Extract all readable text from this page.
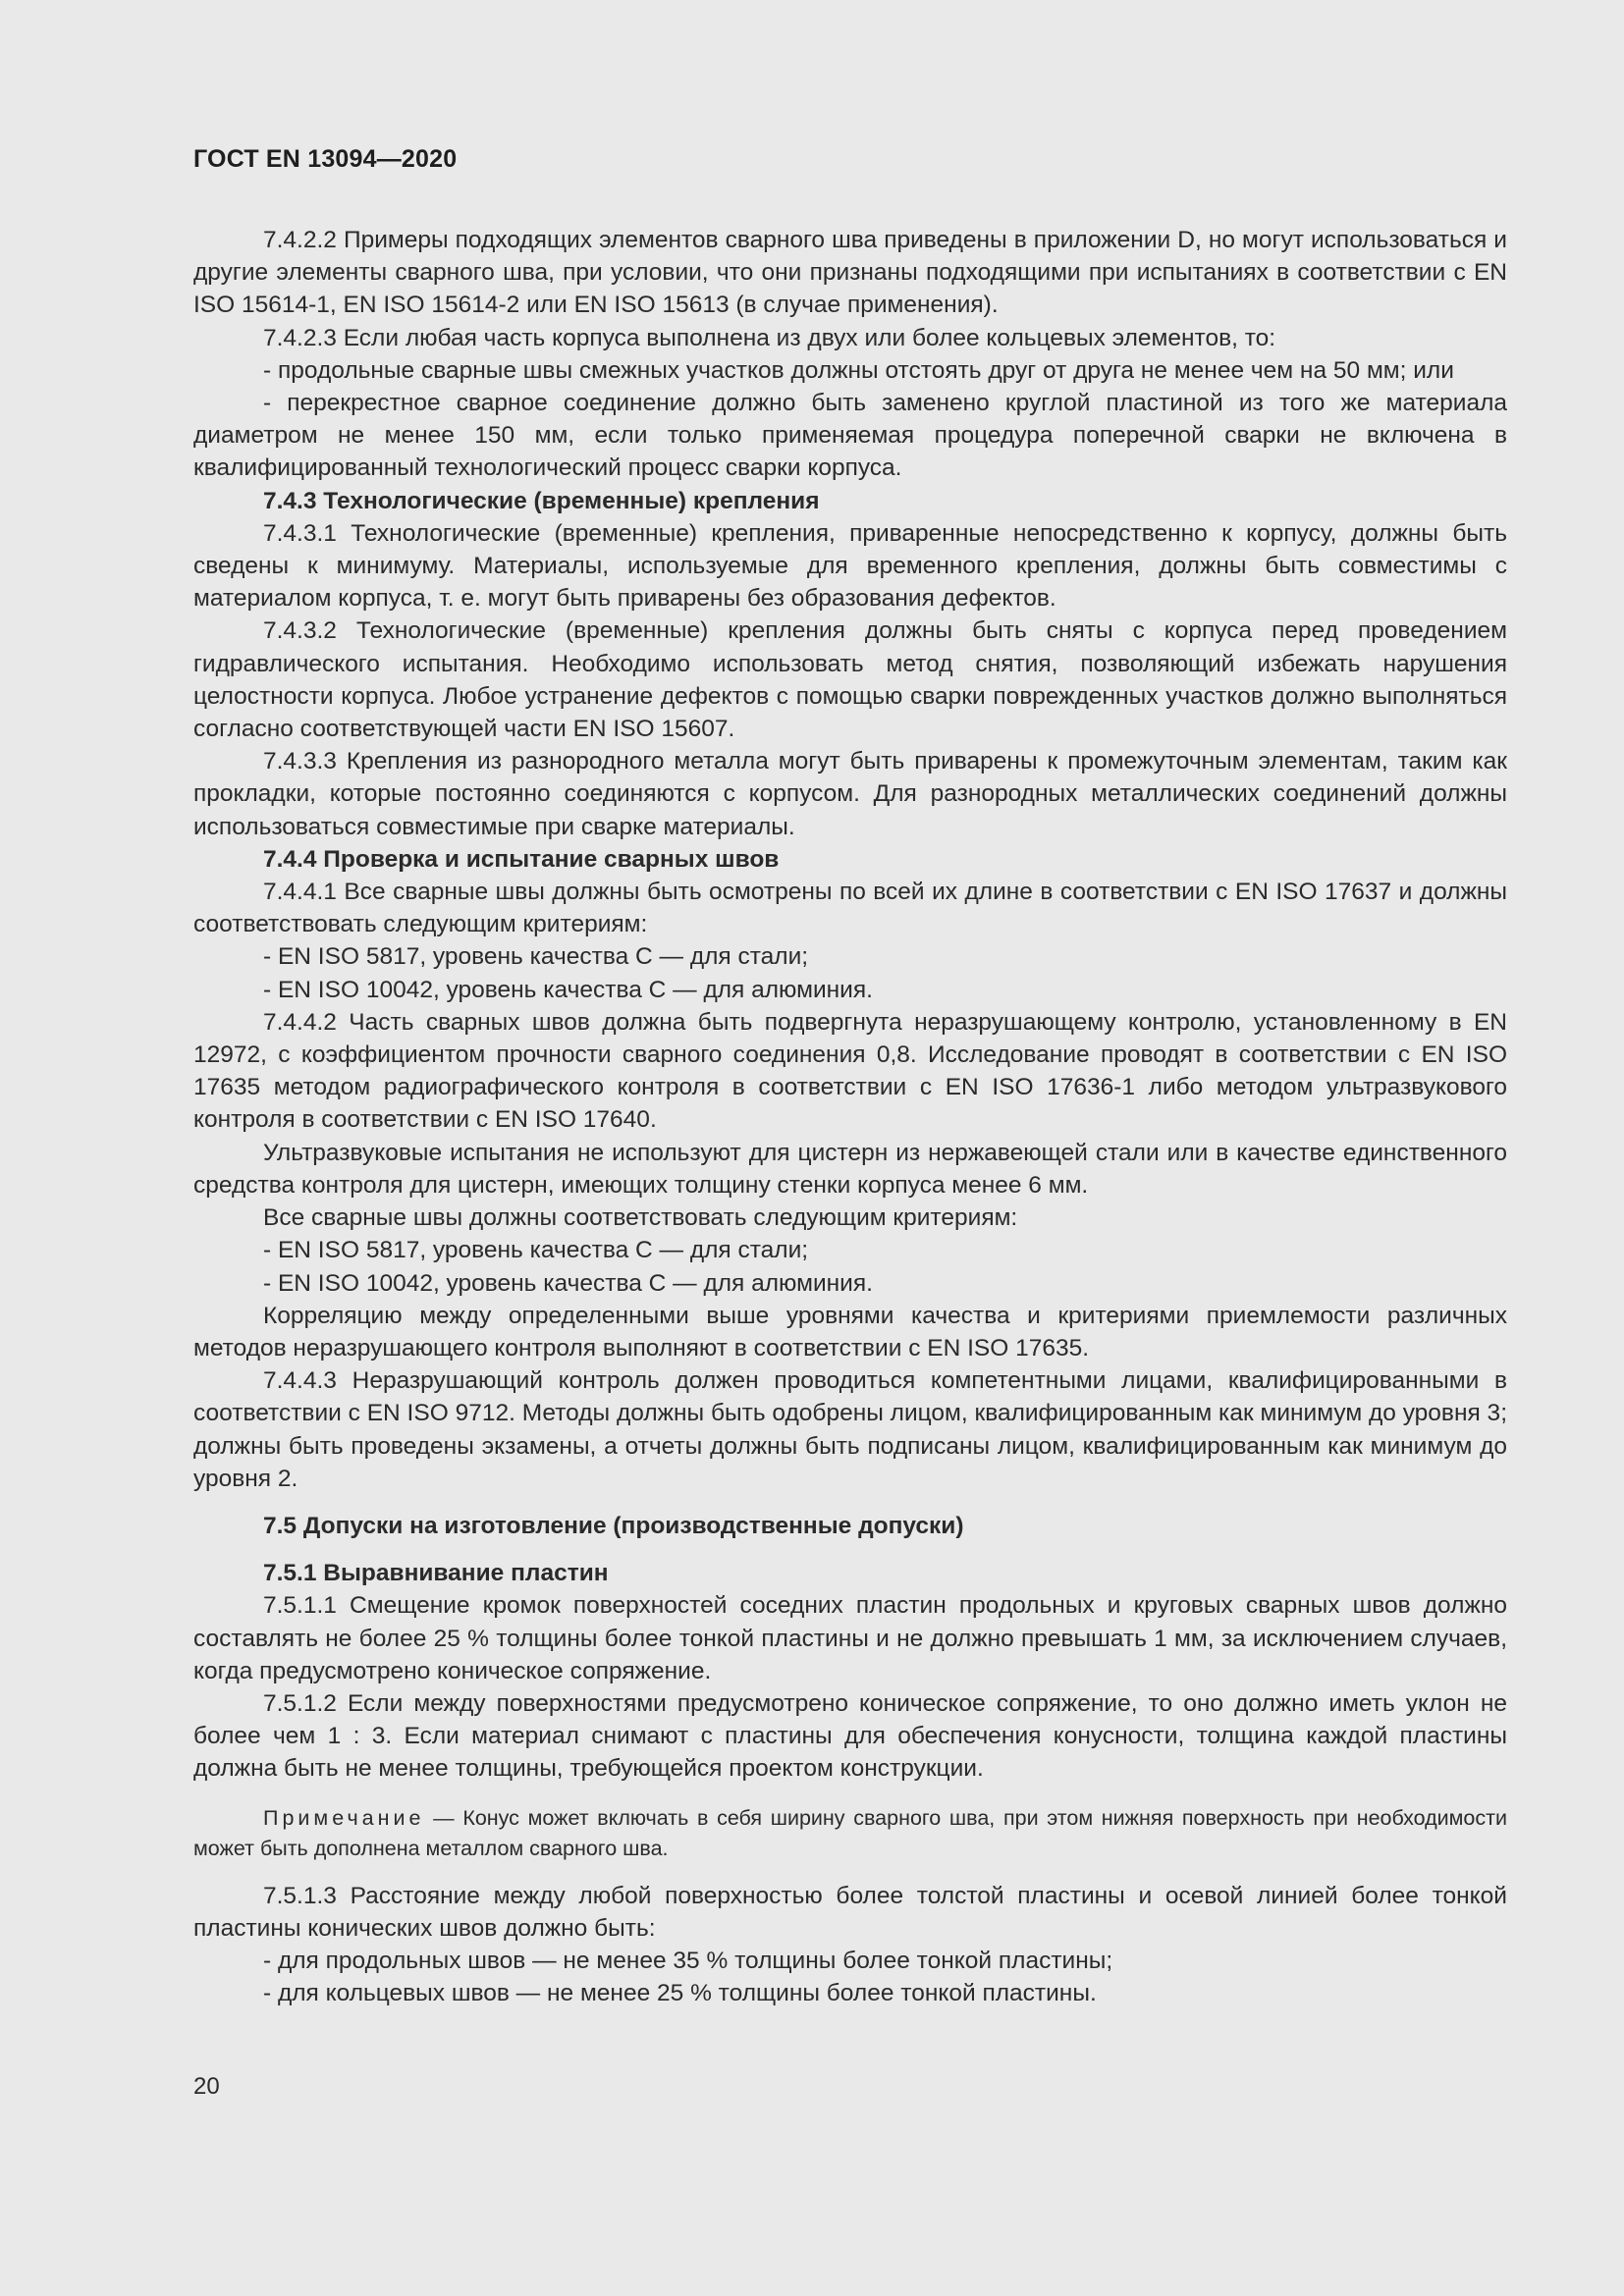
ГОСТ EN 13094—2020

7.4.2.2 Примеры подходящих элементов сварного шва приведены в приложении D, но могут использоваться и другие элементы сварного шва, при условии, что они признаны подходящими при испытаниях в соответствии с EN ISO 15614-1, EN ISO 15614-2 или EN ISO 15613 (в случае применения).

7.4.2.3 Если любая часть корпуса выполнена из двух или более кольцевых элементов, то:

- продольные сварные швы смежных участков должны отстоять друг от друга не менее чем на 50 мм; или

- перекрестное сварное соединение должно быть заменено круглой пластиной из того же материала диаметром не менее 150 мм, если только применяемая процедура поперечной сварки не включена в квалифицированный технологический процесс сварки корпуса.

7.4.3 Технологические (временные) крепления

7.4.3.1 Технологические (временные) крепления, приваренные непосредственно к корпусу, должны быть сведены к минимуму. Материалы, используемые для временного крепления, должны быть совместимы с материалом корпуса, т. е. могут быть приварены без образования дефектов.

7.4.3.2 Технологические (временные) крепления должны быть сняты с корпуса перед проведением гидравлического испытания. Необходимо использовать метод снятия, позволяющий избежать нарушения целостности корпуса. Любое устранение дефектов с помощью сварки поврежденных участков должно выполняться согласно соответствующей части EN ISO 15607.

7.4.3.3 Крепления из разнородного металла могут быть приварены к промежуточным элементам, таким как прокладки, которые постоянно соединяются с корпусом. Для разнородных металлических соединений должны использоваться совместимые при сварке материалы.

7.4.4 Проверка и испытание сварных швов

7.4.4.1 Все сварные швы должны быть осмотрены по всей их длине в соответствии с EN ISO 17637 и должны соответствовать следующим критериям:

- EN ISO 5817, уровень качества С — для стали;

- EN ISO 10042, уровень качества С — для алюминия.

7.4.4.2 Часть сварных швов должна быть подвергнута неразрушающему контролю, установленному в EN 12972, с коэффициентом прочности сварного соединения 0,8. Исследование проводят в соответствии с EN ISO 17635 методом радиографического контроля в соответствии с EN ISO 17636-1 либо методом ультразвукового контроля в соответствии с EN ISO 17640.

Ультразвуковые испытания не используют для цистерн из нержавеющей стали или в качестве единственного средства контроля для цистерн, имеющих толщину стенки корпуса менее 6 мм.

Все сварные швы должны соответствовать следующим критериям:

- EN ISO 5817, уровень качества С — для стали;

- EN ISO 10042, уровень качества С — для алюминия.

Корреляцию между определенными выше уровнями качества и критериями приемлемости различных методов неразрушающего контроля выполняют в соответствии с EN ISO 17635.

7.4.4.3 Неразрушающий контроль должен проводиться компетентными лицами, квалифицированными в соответствии с EN ISO 9712. Методы должны быть одобрены лицом, квалифицированным как минимум до уровня 3; должны быть проведены экзамены, а отчеты должны быть подписаны лицом, квалифицированным как минимум до уровня 2.

7.5 Допуски на изготовление (производственные допуски)

7.5.1 Выравнивание пластин

7.5.1.1 Смещение кромок поверхностей соседних пластин продольных и круговых сварных швов должно составлять не более 25 % толщины более тонкой пластины и не должно превышать 1 мм, за исключением случаев, когда предусмотрено коническое сопряжение.

7.5.1.2 Если между поверхностями предусмотрено коническое сопряжение, то оно должно иметь уклон не более чем 1 : 3. Если материал снимают с пластины для обеспечения конусности, толщина каждой пластины должна быть не менее толщины, требующейся проектом конструкции.

Примечание — Конус может включать в себя ширину сварного шва, при этом нижняя поверхность при необходимости может быть дополнена металлом сварного шва.

7.5.1.3 Расстояние между любой поверхностью более толстой пластины и осевой линией более тонкой пластины конических швов должно быть:

- для продольных швов — не менее 35 % толщины более тонкой пластины;

- для кольцевых швов — не менее 25 % толщины более тонкой пластины.

20
